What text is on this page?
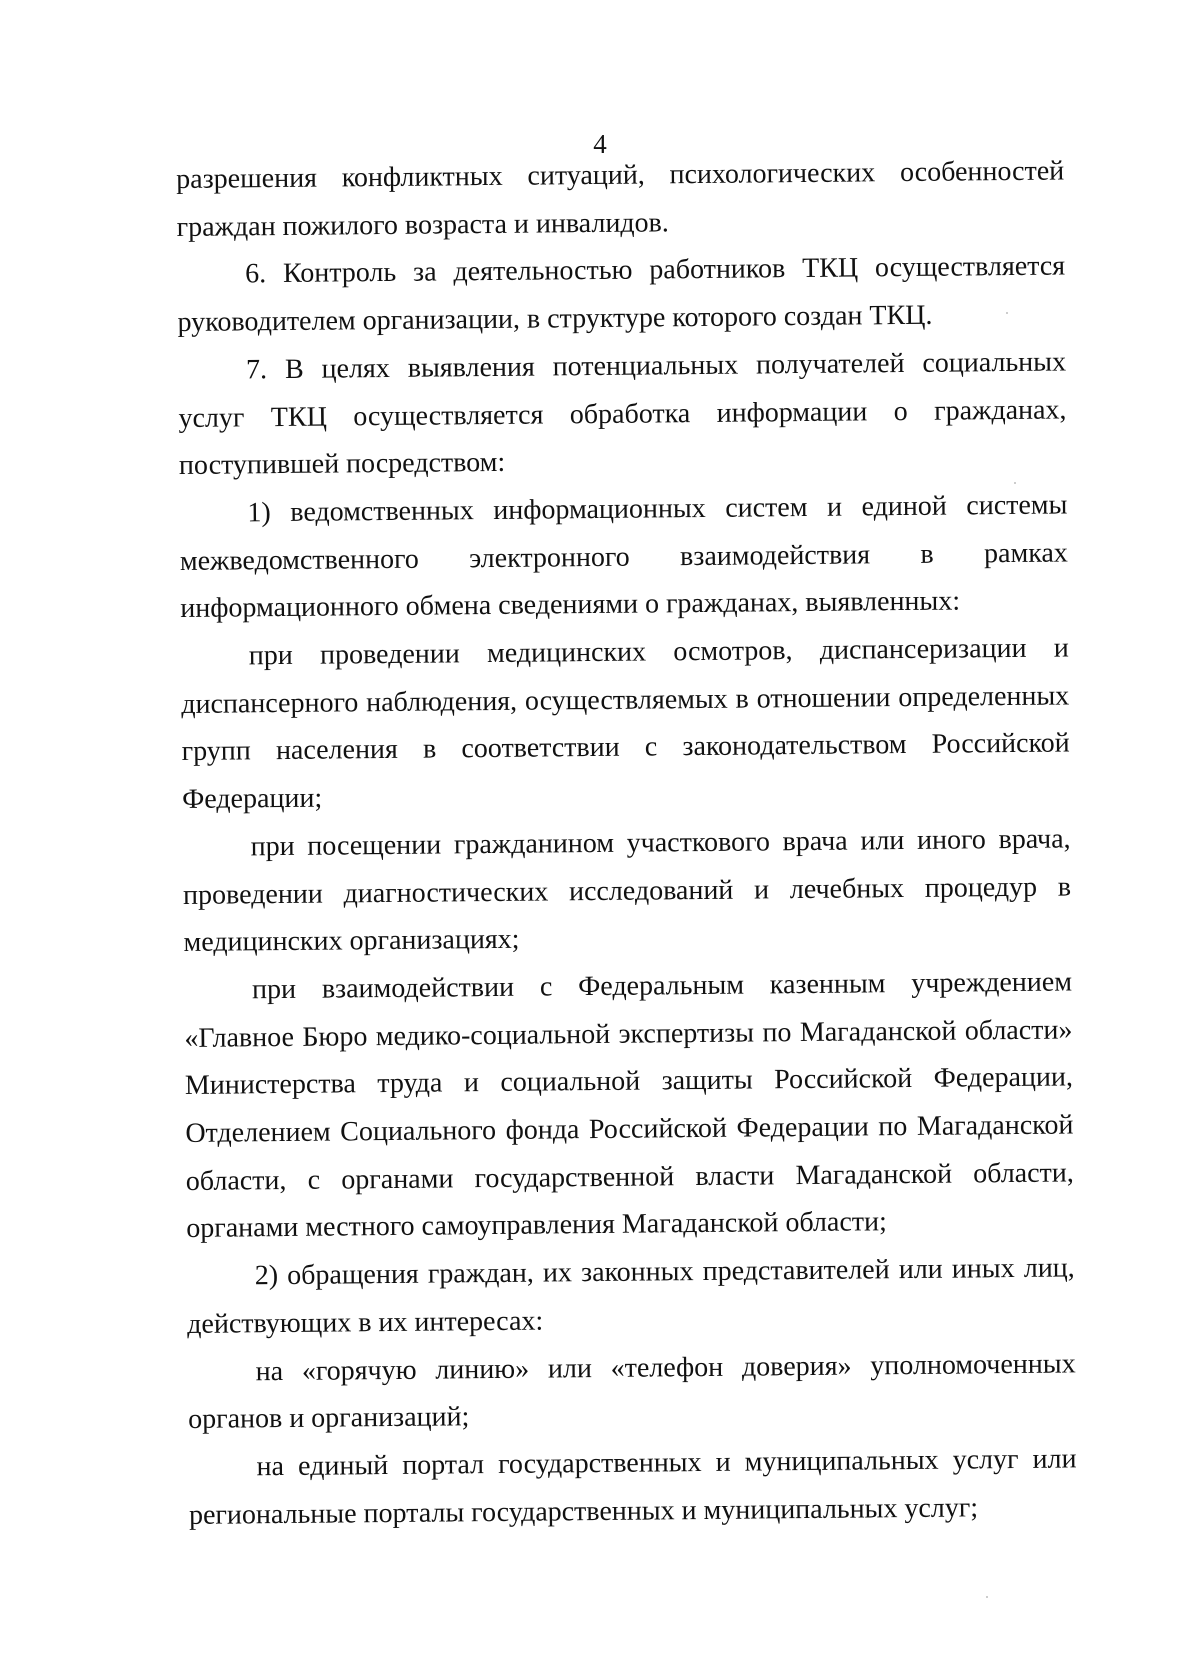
4

разрешения конфликтных ситуаций, психологических особенностей граждан пожилого возраста и инвалидов.

6. Контроль за деятельностью работников ТКЦ осуществляется руководителем организации, в структуре которого создан ТКЦ.

7. В целях выявления потенциальных получателей социальных услуг ТКЦ осуществляется обработка информации о гражданах, поступившей посредством:

1) ведомственных информационных систем и единой системы межведомственного электронного взаимодействия в рамках информационного обмена сведениями о гражданах, выявленных:

при проведении медицинских осмотров, диспансеризации и диспансерного наблюдения, осуществляемых в отношении определенных групп населения в соответствии с законодательством Российской Федерации;

при посещении гражданином участкового врача или иного врача, проведении диагностических исследований и лечебных процедур в медицинских организациях;

при взаимодействии с Федеральным казенным учреждением «Главное Бюро медико-социальной экспертизы по Магаданской области» Министерства труда и социальной защиты Российской Федерации, Отделением Социального фонда Российской Федерации по Магаданской области, с органами государственной власти Магаданской области, органами местного самоуправления Магаданской области;

2) обращения граждан, их законных представителей или иных лиц, действующих в их интересах:

на «горячую линию» или «телефон доверия» уполномоченных органов и организаций;

на единый портал государственных и муниципальных услуг или региональные порталы государственных и муниципальных услуг;
